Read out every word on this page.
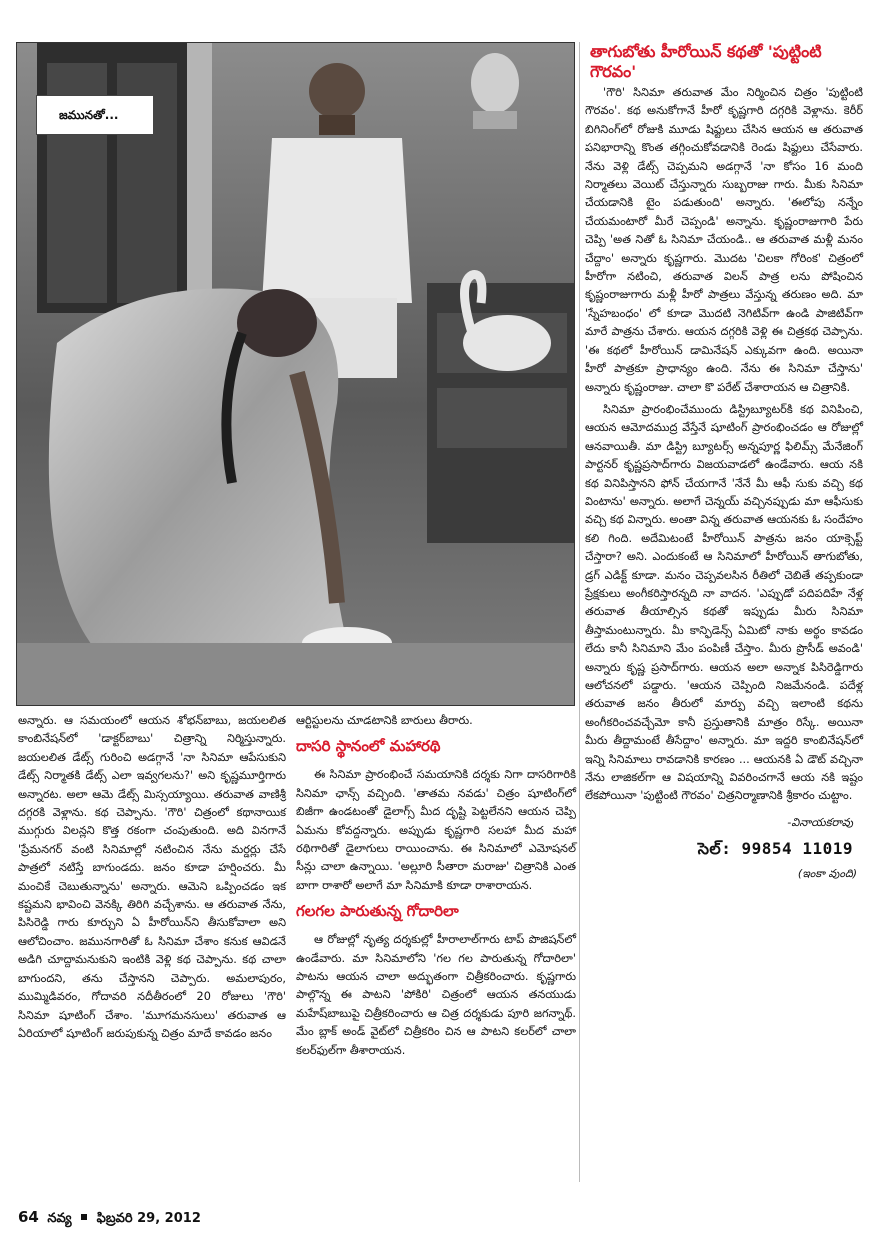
జమునతో...
తాగుబోతు హీరోయిన్ కథతో 'పుట్టింటి గౌరవం'

అన్నారు. ఆ సమయంలో ఆయన శోభన్‌బాబు, జయలలిత కాంబినేషన్‌లో 'డాక్టర్‌బాబు' చిత్రాన్ని నిర్మిస్తున్నారు. జయలలిత డేట్స్ గురించి అడగ్గానే 'నా సినిమా ఆపేసుకుని డేట్స్ నిర్మాతకి డేట్స్ ఎలా ఇవ్వగలను?' అని కృష్ణమూర్తిగారు అన్నారట. అలా ఆమె డేట్స్ మిస్సయ్యాయి. తరువాత వాణిశ్రీ దగ్గరకి వెళ్లాను. కథ చెప్పాను. 'గౌరి' చిత్రంలో కథానాయిక ముగ్గురు విలన్లని కొత్త రకంగా చంపుతుంది. అది వినగానే 'ప్రేమనగర్ వంటి సినిమాల్లో నటించిన నేను మర్డర్లు చేసే పాత్రలో నటిస్తే బాగుండదు. జనం కూడా హర్షించరు. మీ మంచికే చెబుతున్నాను' అన్నారు. ఆమెని ఒప్పించడం ఇక కష్టమని భావించి వెనక్కి తిరిగి వచ్చేశాను. ఆ తరువాత నేను, పిసిరెడ్డి గారు కూర్చుని ఏ హీరోయిన్‌ని తీసుకోవాలా అని ఆలోచించాం. జమునగారితో ఓ సినిమా చేశాం కనుక ఆవిడనే అడిగి చూద్దామనుకుని ఇంటికి వెళ్లి కథ చెప్పాను. కథ చాలా బాగుందని, తను చేస్తానని చెప్పారు. అమలాపురం, ముమ్మిడివరం, గోదావరి నదీతీరంలో 20 రోజులు 'గౌరి' సినిమా షూటింగ్ చేశాం. 'మూగమనసులు' తరువాత ఆ ఏరియాలో షూటింగ్ జరుపుకున్న చిత్రం మాదే కావడం జనం

ఆర్టిస్టులను చూడటానికి బారులు తీరారు.

దాసరి స్థానంలో మహారథి

ఈ సినిమా ప్రారంభించే సమయానికి దర్శకు నిగా దాసరిగారికి సినిమా ఛాన్స్ వచ్చింది. 'తాతమ నవడు' చిత్రం షూటింగ్‌లో బిజీగా ఉండటంతో డైలాగ్స్ మీద దృష్టి పెట్టలేనని ఆయన చెప్పి ఏమను కోవద్దన్నారు. అప్పుడు కృష్ణగారి సలహా మీద మహా రథిగారితో డైలాగులు రాయించాను. ఈ సినిమాలో ఎమోషనల్ సీన్లు చాలా ఉన్నాయి. 'అల్లూరి సీతారా మరాజు' చిత్రానికి ఎంత బాగా రాశారో అలాగే మా సినిమాకి కూడా రాశారాయన.

గలగల పారుతున్న గోదారిలా

ఆ రోజుల్లో నృత్య దర్శకుల్లో హీరాలాల్‌గారు టాప్ పొజిషన్‌లో ఉండేవారు. మా సినిమాలోని 'గల గల పారుతున్న గోదారిలా' పాటను ఆయన చాలా అద్భుతంగా చిత్రీకరించారు. కృష్ణగారు పాల్గొన్న ఈ పాటని 'పోకిరి' చిత్రంలో ఆయన తనయుడు మహేష్‌బాబుపై చిత్రీకరించారు ఆ చిత్ర దర్శకుడు పూరి జగన్నాథ్. మేం బ్లాక్ అండ్ వైట్‌లో చిత్రీకరిం చిన ఆ పాటని కలర్‌లో చాలా కలర్‌ఫుల్‌గా తీశారాయన.

'గౌరి' సినిమా తరువాత మేం నిర్మించిన చిత్రం 'పుట్టింటి గౌరవం'. కథ అనుకోగానే హీరో కృష్ణగారి దగ్గరికి వెళ్లాను. కెరీర్ బిగినింగ్‌లో రోజుకి మూడు షిఫ్టులు చేసిన ఆయన ఆ తరువాత పనిభారాన్ని కొంత తగ్గించుకోవడానికి రెండు షిఫ్టులు చేసేవారు. నేను వెళ్లి డేట్స్ చెప్పమని అడగ్గానే 'నా కోసం 16 మంది నిర్మాతలు వెయిట్ చేస్తున్నారు సుబ్బరాజు గారు. మీకు సినిమా చేయడానికి టైం పడుతుంది' అన్నారు. 'ఈలోపు నన్నేం చేయమంటారో మీరే చెప్పండి' అన్నాను. కృష్ణంరాజుగారి పేరు చెప్పి 'అత నితో ఓ సినిమా చేయండి.. ఆ తరువాత మళ్లీ మనం చేద్దాం' అన్నారు కృష్ణగారు. మొదట 'చిలకా గోరింక' చిత్రంలో హీరోగా నటించి, తరువాత విలన్ పాత్ర లను పోషించిన కృష్ణంరాజుగారు మళ్లీ హీరో పాత్రలు వేస్తున్న తరుణం అది. మా 'స్నేహబంధం' లో కూడా మొదటి నెగిటివ్‌గా ఉండి పాజిటివ్‌గా మారే పాత్రను చేశారు. ఆయన దగ్గరికి వెళ్లి ఈ చిత్రకథ చెప్పాను. 'ఈ కథలో హీరోయిన్ డామినేషన్ ఎక్కువగా ఉంది. అయినా హీరో పాత్రకూ ప్రాధాన్యం ఉంది. నేను ఈ సినిమా చేస్తాను' అన్నారు కృష్ణంరాజు. చాలా కొ పరేట్ చేశారాయన ఆ చిత్రానికి.

సినిమా ప్రారంభించేముందు డిస్ట్రిబ్యూటర్‌కి కథ వినిపించి, ఆయన ఆమోదముద్ర వేస్తేనే షూటింగ్ ప్రారంభించడం ఆ రోజుల్లో ఆనవాయితీ. మా డిస్ట్రి బ్యూటర్స్ అన్నపూర్ణ ఫిలిమ్స్ మేనేజింగ్ పార్టనర్ కృష్ణప్రసాద్‌గారు విజయవాడలో ఉండేవారు. ఆయ నకి కథ వినిపిస్తానని ఫోన్ చేయగానే 'నేనే మీ ఆఫీ సుకు వచ్చి కథ వింటాను' అన్నారు. అలాగే చెన్నయ్ వచ్చినప్పుడు మా ఆఫీసుకు వచ్చి కథ విన్నారు. అంతా విన్న తరువాత ఆయనకు ఓ సందేహం కలి గింది. అదేమిటంటే హీరోయిన్ పాత్రను జనం యాక్సెప్ట్ చేస్తారా? అని. ఎందుకంటే ఆ సినిమాలో హీరోయిన్ తాగుబోతు, డ్రగ్ ఎడిక్ట్ కూడా. మనం చెప్పవలసిన రీతిలో చెబితే తప్పకుండా ప్రేక్షకులు అంగీకరిస్తారన్నది నా వాదన. 'ఎప్పుడో పదిపదిహే నేళ్ల తరువాత తీయాల్సిన కథతో ఇప్పుడు మీరు సినిమా తీస్తామంటున్నారు. మీ కాన్ఫిడెన్స్ ఏమిటో నాకు అర్థం కావడం లేదు కానీ సినిమాని మేం పంపిణీ చేస్తాం. మీరు ప్రొసీడ్ అవండి' అన్నారు కృష్ణ ప్రసాద్‌గారు. ఆయన అలా అన్నాక పిసిరెడ్డిగారు ఆలోచనలో పడ్డారు. 'ఆయన చెప్పింది నిజమేనండి. పదేళ్ల తరువాత జనం తీరులో మార్పు వచ్చి ఇలాంటి కథను అంగీకరించవచ్చేమో కానీ ప్రస్తుతానికి మాత్రం రిస్కే. అయినా మీరు తీద్దామంటే తీసేద్దాం' అన్నారు. మా ఇద్దరి కాంబినేషన్‌లో ఇన్ని సినిమాలు రావడానికి కారణం ... ఆయనకి ఏ డౌట్ వచ్చినా నేను లాజికల్‌గా ఆ విషయాన్ని వివరించగానే ఆయ నకి ఇష్టం లేకపోయినా 'పుట్టింటి గౌరవం' చిత్రనిర్మాణానికి శ్రీకారం చుట్టాం.

-వినాయకరావు
సెల్: 99854 11019
(ఇంకా వుంది)
64 నవ్య ఫిబ్రవరి 29, 2012
